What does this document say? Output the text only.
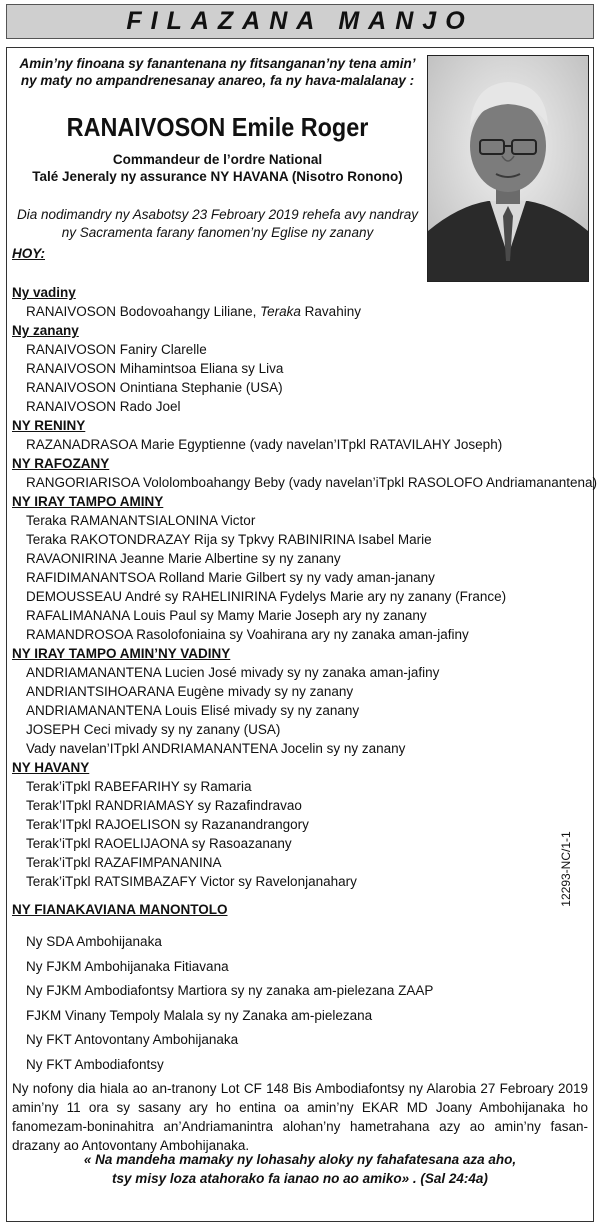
FILAZANA MANJO
Amin’ny finoana sy fanantenana ny fitsanganan’ny tena amin’
ny maty no ampandrenesanay anareo, fa ny hava-malalanay :
RANAIVOSON Emile Roger
Commandeur de l’ordre National
Talé Jeneraly ny assurance NY HAVANA (Nisotro Ronono)
Dia nodimandry ny Asabotsy 23 Febroary 2019 rehefa avy nandray
ny Sacramenta farany fanomen’ny Eglise ny zanany
HOY:
Ny vadiny
RANAIVOSON Bodovoahangy Liliane, Teraka Ravahiny
Ny zanany
RANAIVOSON Faniry Clarelle
RANAIVOSON Mihamintsoa Eliana sy Liva
RANAIVOSON Onintiana Stephanie (USA)
RANAIVOSON Rado Joel
NY RENINY
RAZANADRASOA Marie Egyptienne (vady navelan’ITpkl RATAVILAHY Joseph)
NY RAFOZANY
RANGORIARISOA Vololomboahangy Beby (vady navelan’iTpkl RASOLOFO Andriamanantena)
NY IRAY TAMPO AMINY
Teraka RAMANANTSIALONINA Victor
Teraka RAKOTONDRAZAY Rija sy Tpkvy RABINIRINA Isabel Marie
RAVAONIRINA Jeanne Marie Albertine sy ny zanany
RAFIDIMANANTSOA Rolland Marie Gilbert sy ny vady aman-janany
DEMOUSSEAU André sy RAHELINIRINA Fydelys Marie ary ny zanany (France)
RAFALIMANANA Louis Paul sy Mamy Marie Joseph ary ny zanany
RAMANDROSOA Rasolofoniaina sy Voahirana ary ny zanaka aman-jafiny
NY IRAY TAMPO AMIN’NY VADINY
ANDRIAMANANTENA Lucien José mivady sy ny zanaka aman-jafiny
ANDRIANTSIHOARANA Eugène mivady sy ny zanany
ANDRIAMANANTENA Louis Elisé mivady sy ny zanany
JOSEPH Ceci mivady sy ny zanany (USA)
Vady navelan’ITpkl ANDRIAMANANTENA Jocelin sy ny zanany
NY HAVANY
Terak’iTpkl RABEFARIHY sy Ramaria
Terak’ITpkl RANDRIAMASY sy Razafindravao
Terak’ITpkl RAJOELISON sy Razanandrangory
Terak’iTpkl RAOELIJAONA sy Rasoazanany
Terak’iTpkl RAZAFIMPANANINA
Terak’iTpkl RATSIMBAZAFY Victor sy Ravelonjanahary
NY FIANAKAVIANA MANONTOLO
Ny SDA Ambohijanaka
Ny FJKM Ambohijanaka Fitiavana
Ny FJKM Ambodiafontsy Martiora sy ny zanaka am-pielezana ZAAP
FJKM Vinany Tempoly Malala sy ny Zanaka am-pielezana
Ny FKT Antovontany Ambohijanaka
Ny FKT Ambodiafontsy
Ny nofony dia hiala ao an-tranony Lot CF 148 Bis Ambodiafontsy ny Alarobia 27 Febroary 2019 amin’ny 11 ora sy sasany ary ho entina oa amin’ny EKAR MD Joany Ambohijanaka ho fanomezam-boninahitra an’Andriamanintra alohan’ny hametrahana azy ao amin’ny fasan-drazany ao Antovontany Ambohijanaka.
« Na mandeha mamaky ny lohasahy aloky ny fahafatesana aza aho,
tsy misy loza atahorako fa ianao no ao amiko» . (Sal 24:4a)
12293-NC/1-1
